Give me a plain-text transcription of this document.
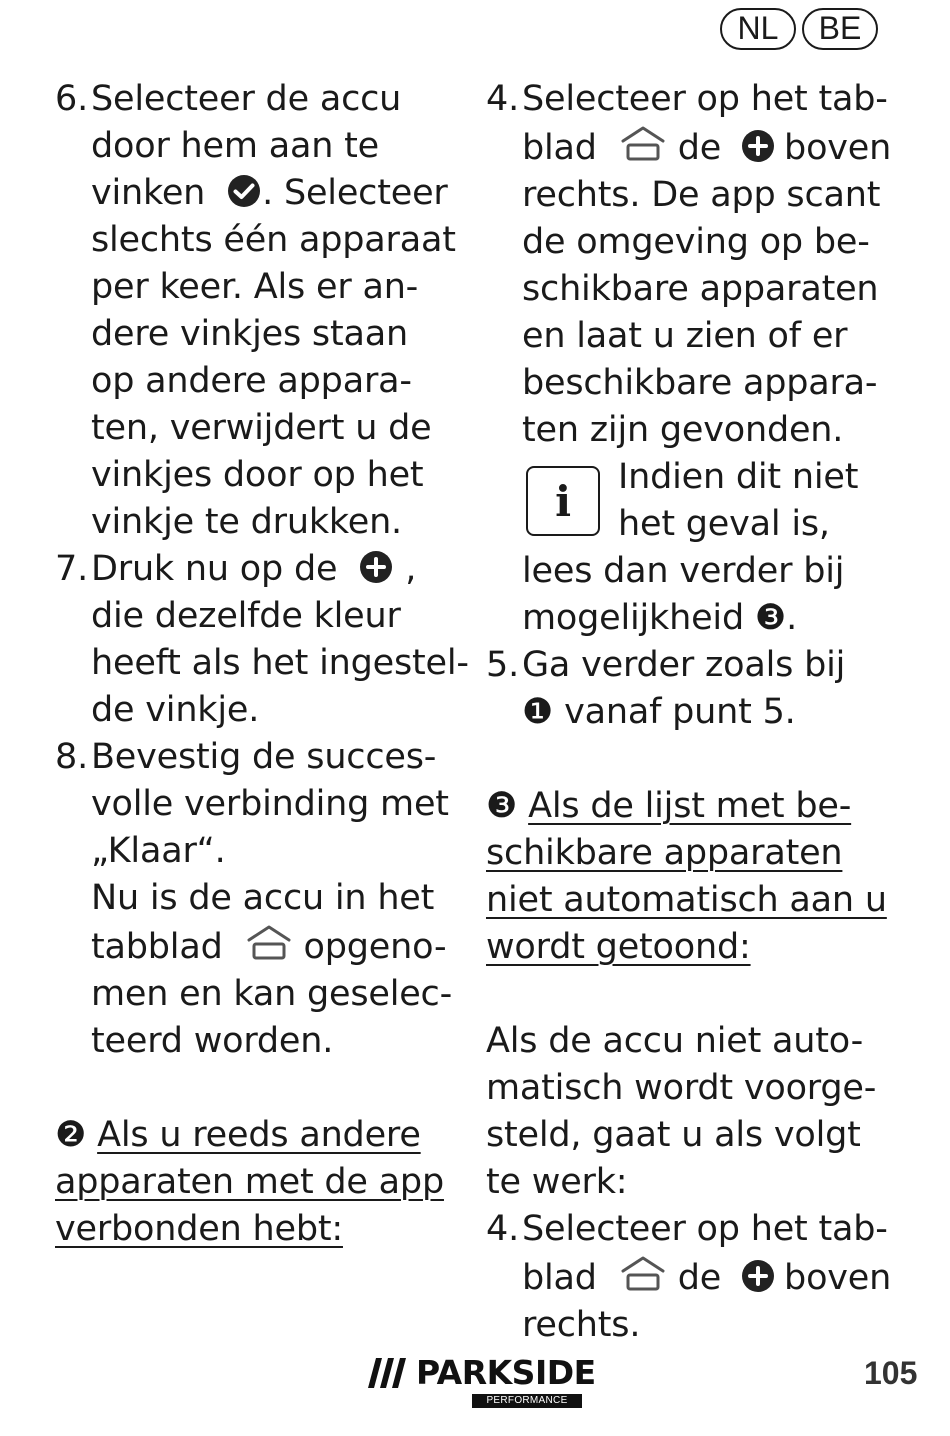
NL	BE
6. Selecteer de accu
door hem aan te
vinken . Selecteer
slechts één apparaat
per keer. Als er an-
dere vinkjes staan
op andere appara-
ten, verwijdert u de
vinkjes door op het
vinkje te drukken.
7. Druk nu op de  ,
die dezelfde kleur
heeft als het ingestel-
de vinkje.
8. Bevestig de succes-
volle verbinding met
„Klaar“.
Nu is de accu in het
tabblad opgeno-
men en kan geselec-
teerd worden.
❷ Als u reeds andere
apparaten met de app
verbonden hebt:
4. Selecteer op het tab-
blad de boven
rechts. De app scant
de omgeving op be-
schikbare apparaten
en laat u zien of er
beschikbare appara-
ten zijn gevonden.
i	Indien dit niet
het geval is,
lees dan verder bij
mogelijkheid ❸.
5. Ga verder zoals bij
❶ vanaf punt 5.
❸ Als de lijst met be-
schikbare apparaten
niet automatisch aan u
wordt getoond:
Als de accu niet auto-
matisch wordt voorge-
steld, gaat u als volgt
te werk:
4. Selecteer op het tab-
blad de boven
rechts.
PARKSIDE
PERFORMANCE
105
